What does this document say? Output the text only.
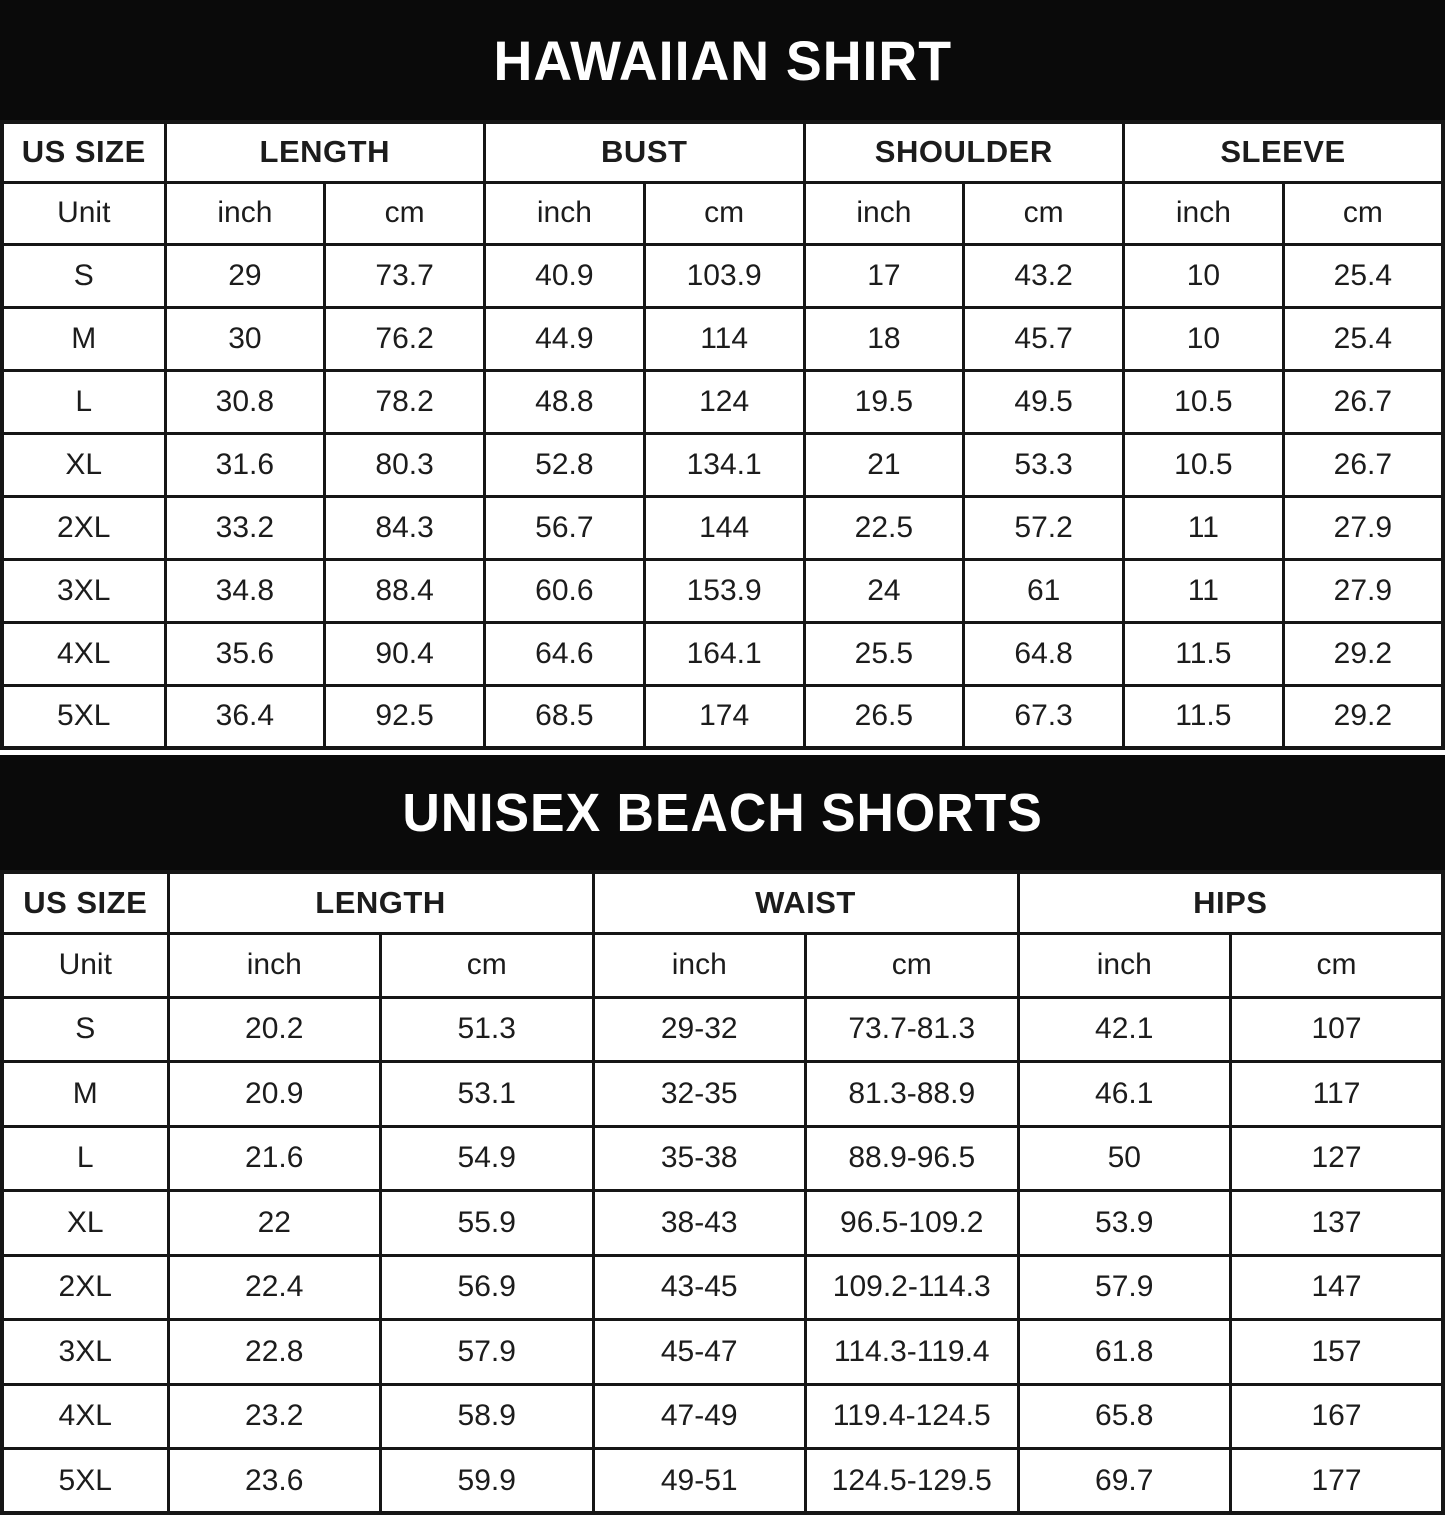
HAWAIIAN SHIRT
US SIZE	LENGTH		BUST		SHOULDER		SLEEVE	
Unit	inch	cm	inch	cm	inch	cm	inch	cm
S	29	73.7	40.9	103.9	17	43.2	10	25.4
M	30	76.2	44.9	114	18	45.7	10	25.4
L	30.8	78.2	48.8	124	19.5	49.5	10.5	26.7
XL	31.6	80.3	52.8	134.1	21	53.3	10.5	26.7
2XL	33.2	84.3	56.7	144	22.5	57.2	11	27.9
3XL	34.8	88.4	60.6	153.9	24	61	11	27.9
4XL	35.6	90.4	64.6	164.1	25.5	64.8	11.5	29.2
5XL	36.4	92.5	68.5	174	26.5	67.3	11.5	29.2
UNISEX BEACH SHORTS
US SIZE	LENGTH		WAIST		HIPS	
Unit	inch	cm	inch	cm	inch	cm
S	20.2	51.3	29-32	73.7-81.3	42.1	107
M	20.9	53.1	32-35	81.3-88.9	46.1	117
L	21.6	54.9	35-38	88.9-96.5	50	127
XL	22	55.9	38-43	96.5-109.2	53.9	137
2XL	22.4	56.9	43-45	109.2-114.3	57.9	147
3XL	22.8	57.9	45-47	114.3-119.4	61.8	157
4XL	23.2	58.9	47-49	119.4-124.5	65.8	167
5XL	23.6	59.9	49-51	124.5-129.5	69.7	177
